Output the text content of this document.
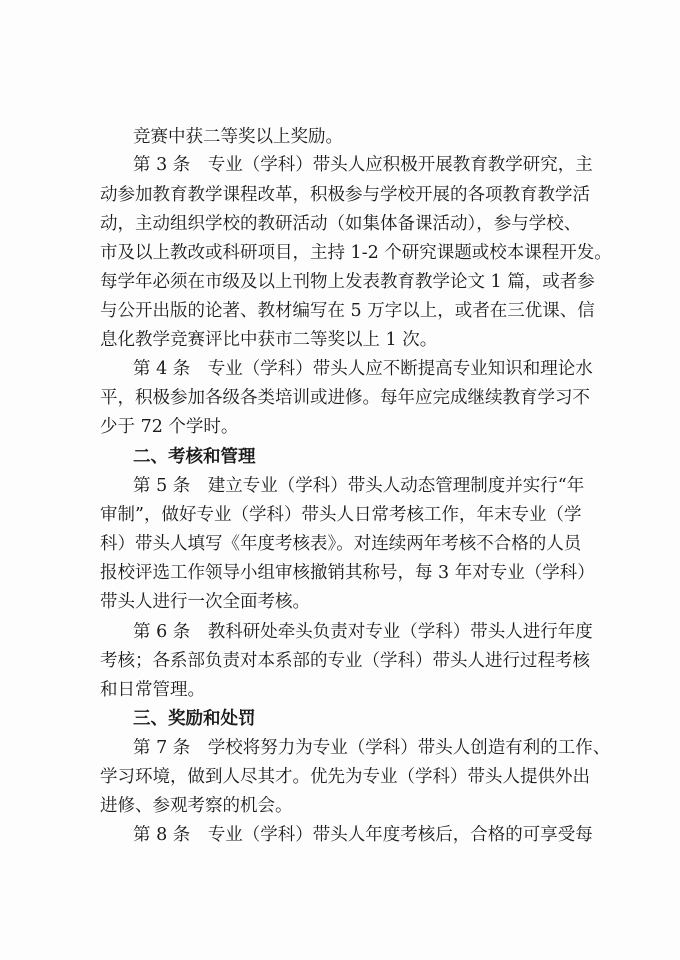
竞赛中获二等奖以上奖励。
第 3 条　专业（学科）带头人应积极开展教育教学研究，主
动参加教育教学课程改革，积极参与学校开展的各项教育教学活
动，主动组织学校的教研活动（如集体备课活动），参与学校、
市及以上教改或科研项目，主持 1-2 个研究课题或校本课程开发。
每学年必须在市级及以上刊物上发表教育教学论文 1 篇，或者参
与公开出版的论著、教材编写在 5 万字以上，或者在三优课、信
息化教学竞赛评比中获市二等奖以上 1 次。
第 4 条　专业（学科）带头人应不断提高专业知识和理论水
平，积极参加各级各类培训或进修。每年应完成继续教育学习不
少于 72 个学时。
二、考核和管理
第 5 条　建立专业（学科）带头人动态管理制度并实行“年
审制”，做好专业（学科）带头人日常考核工作，年末专业（学
科）带头人填写《年度考核表》。对连续两年考核不合格的人员
报校评选工作领导小组审核撤销其称号，每 3 年对专业（学科）
带头人进行一次全面考核。
第 6 条　教科研处牵头负责对专业（学科）带头人进行年度
考核；各系部负责对本系部的专业（学科）带头人进行过程考核
和日常管理。
三、奖励和处罚
第 7 条　学校将努力为专业（学科）带头人创造有利的工作、
学习环境，做到人尽其才。优先为专业（学科）带头人提供外出
进修、参观考察的机会。
第 8 条　专业（学科）带头人年度考核后，合格的可享受每
